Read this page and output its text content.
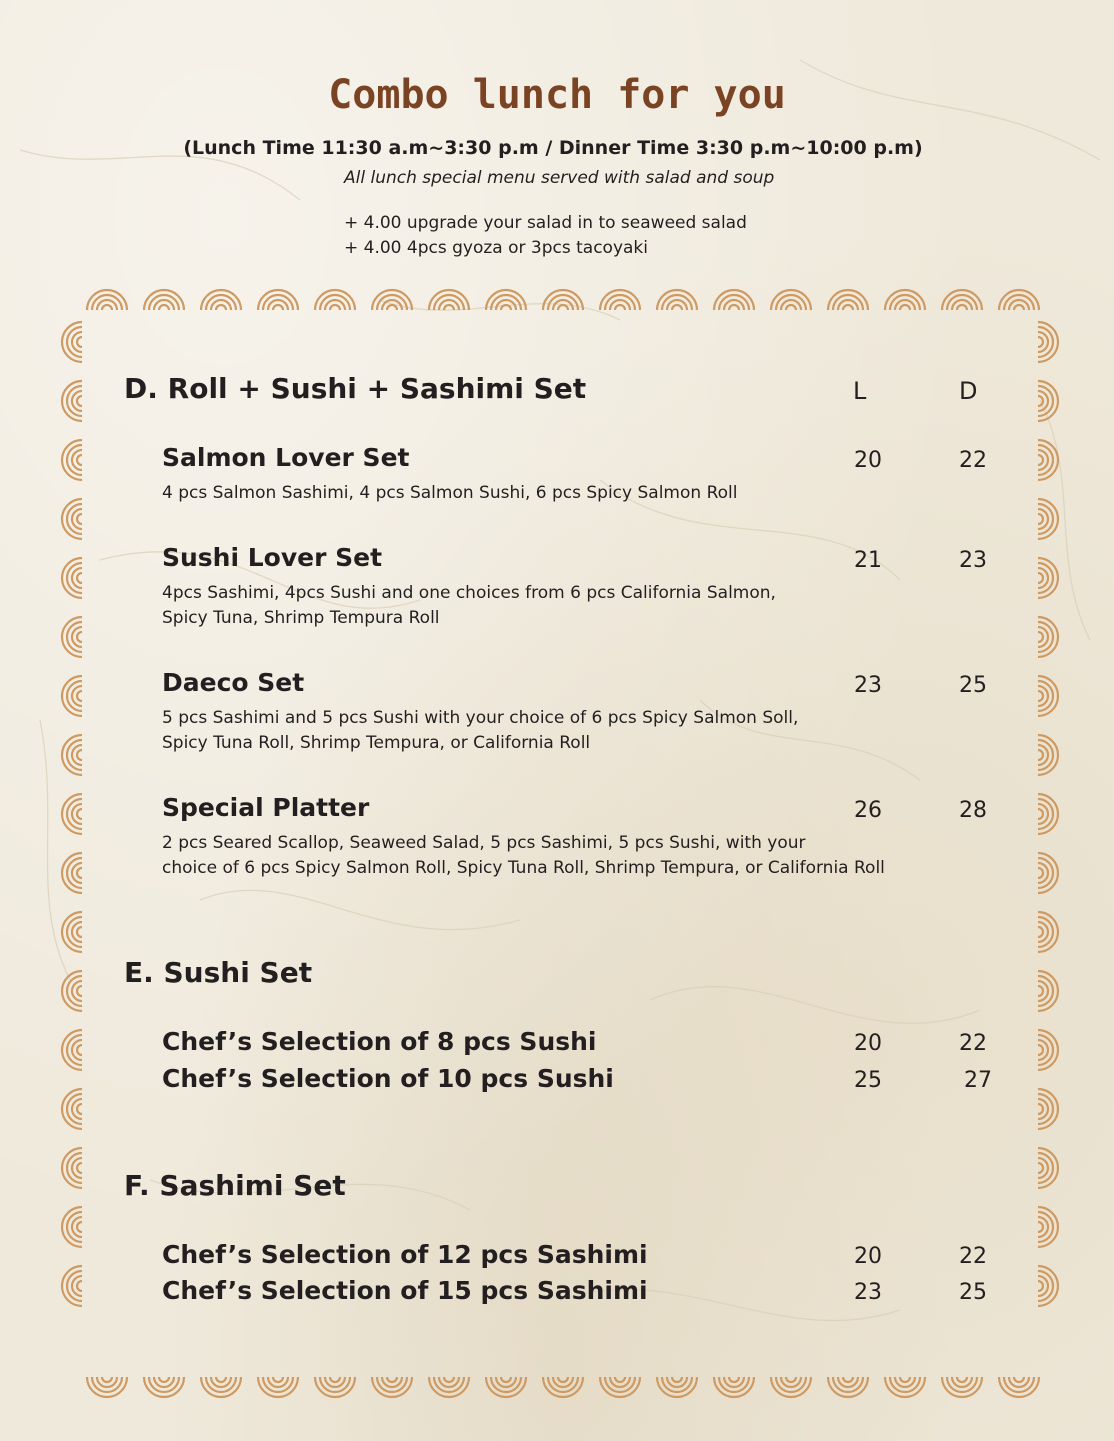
Combo lunch for you
(Lunch Time 11:30 a.m~3:30 p.m / Dinner Time 3:30 p.m~10:00 p.m)
All lunch special menu served with salad and soup
+ 4.00 upgrade your salad in to seaweed salad
+ 4.00 4pcs gyoza or 3pcs tacoyaki
D. Roll + Sushi + Sashimi Set	L	D
Salmon Lover Set	20	22
4 pcs Salmon Sashimi, 4 pcs Salmon Sushi, 6 pcs Spicy Salmon Roll
Sushi Lover Set	21	23
4pcs Sashimi, 4pcs Sushi and one choices from 6 pcs California Salmon,
Spicy Tuna, Shrimp Tempura Roll
Daeco Set	23	25
5 pcs Sashimi and 5 pcs Sushi with your choice of 6 pcs Spicy Salmon Soll,
Spicy Tuna Roll, Shrimp Tempura, or California Roll
Special Platter	26	28
2 pcs Seared Scallop, Seaweed Salad, 5 pcs Sashimi, 5 pcs Sushi, with your
choice of 6 pcs Spicy Salmon Roll, Spicy Tuna Roll, Shrimp Tempura, or California Roll
E. Sushi Set
Chef’s Selection of 8 pcs Sushi	20	22
Chef’s Selection of 10 pcs Sushi	25	27
F. Sashimi Set
Chef’s Selection of 12 pcs Sashimi	20	22
Chef’s Selection of 15 pcs Sashimi	23	25
